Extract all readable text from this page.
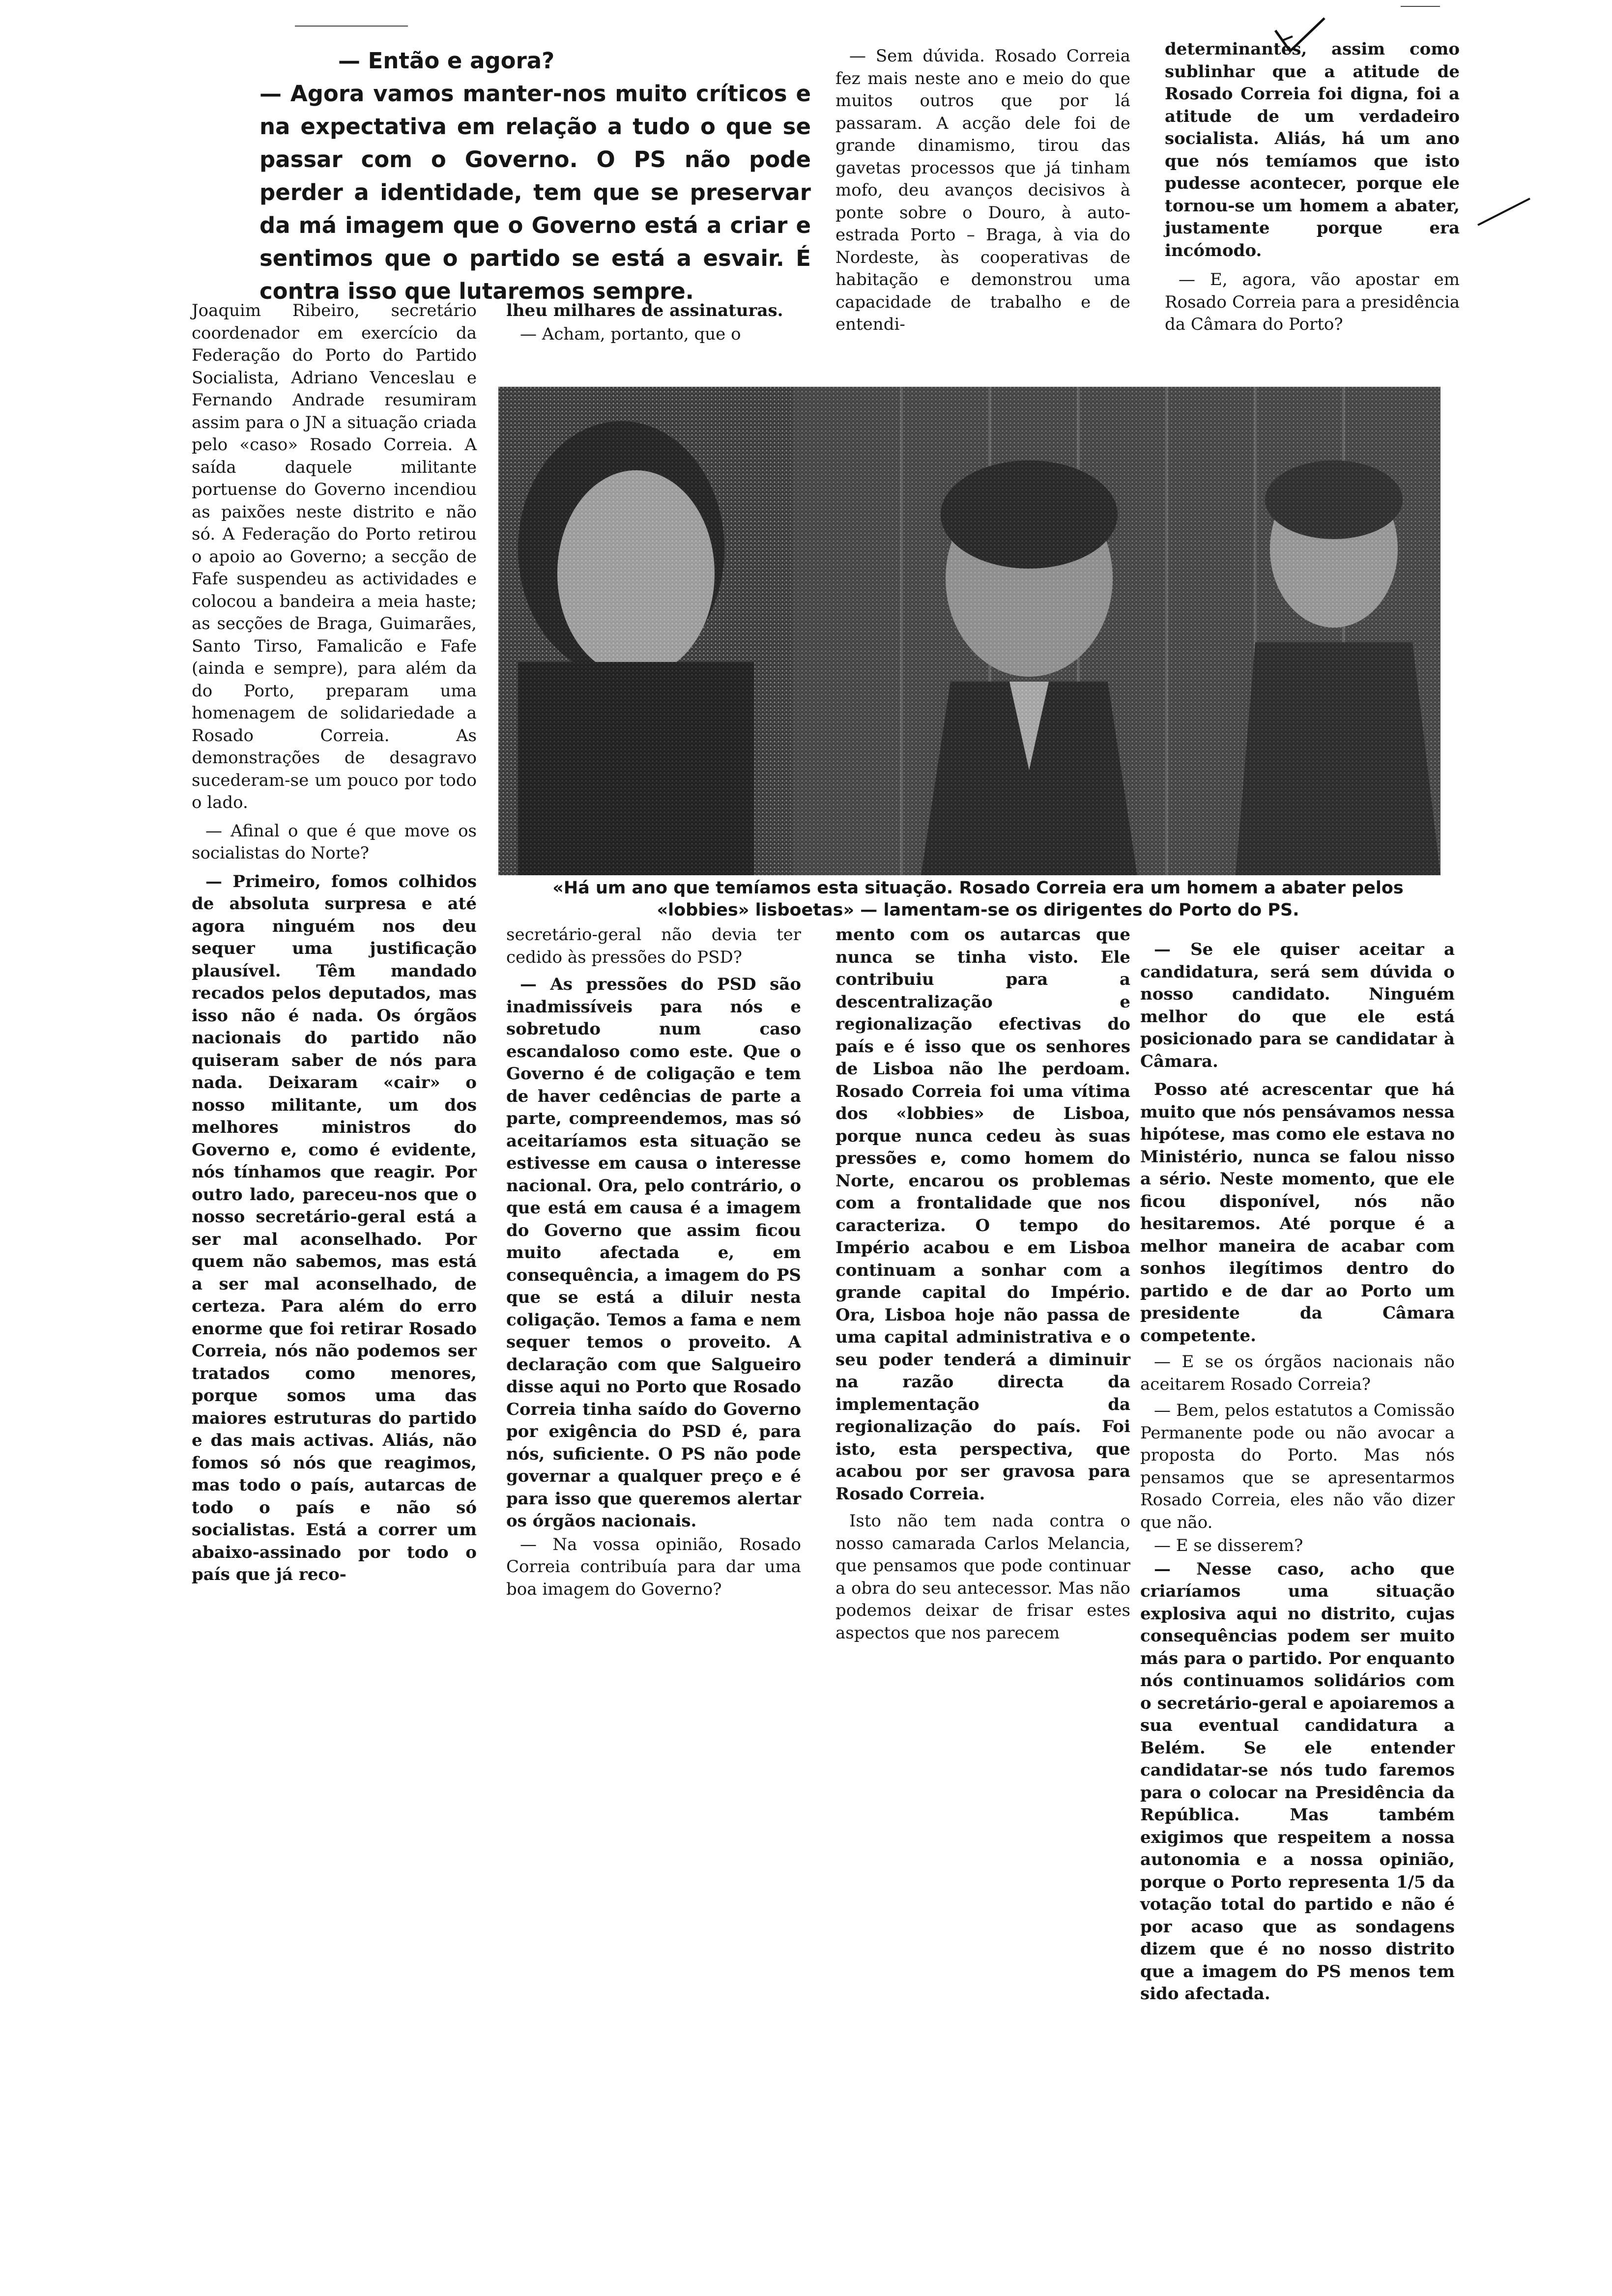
— Então e agora?

— Agora vamos manter-nos muito críticos e na expectativa em relação a tudo o que se passar com o Governo. O PS não pode perder a identidade, tem que se preservar da má imagem que o Governo está a criar e sentimos que o partido se está a esvair. É contra isso que lutaremos sempre.

Joaquim Ribeiro, secretário coordenador em exercício da Federação do Porto do Partido Socialista, Adriano Venceslau e Fernando Andrade resumiram assim para o JN a situação criada pelo «caso» Rosado Correia. A saída daquele militante portuense do Governo incendiou as paixões neste distrito e não só. A Federação do Porto retirou o apoio ao Governo; a secção de Fafe suspendeu as actividades e colocou a bandeira a meia haste; as secções de Braga, Guimarães, Santo Tirso, Famalicão e Fafe (ainda e sempre), para além da do Porto, preparam uma homenagem de solidariedade a Rosado Correia. As demonstrações de desagravo sucederam-se um pouco por todo o lado.

— Afinal o que é que move os socialistas do Norte?

— Primeiro, fomos colhidos de absoluta surpresa e até agora ninguém nos deu sequer uma justificação plausível. Têm mandado recados pelos deputados, mas isso não é nada. Os órgãos nacionais do partido não quiseram saber de nós para nada. Deixaram «cair» o nosso militante, um dos melhores ministros do Governo e, como é evidente, nós tínhamos que reagir. Por outro lado, pareceu-nos que o nosso secretário-geral está a ser mal aconselhado. Por quem não sabemos, mas está a ser mal aconselhado, de certeza. Para além do erro enorme que foi retirar Rosado Correia, nós não podemos ser tratados como menores, porque somos uma das maiores estruturas do partido e das mais activas. Aliás, não fomos só nós que reagimos, mas todo o país, autarcas de todo o país e não só socialistas. Está a correr um abaixo-assinado por todo o país que já reco-

lheu milhares de assinaturas.

— Acham, portanto, que o

— Sem dúvida. Rosado Correia fez mais neste ano e meio do que muitos outros que por lá passaram. A acção dele foi de grande dinamismo, tirou das gavetas processos que já tinham mofo, deu avanços decisivos à ponte sobre o Douro, à auto-estrada Porto – Braga, à via do Nordeste, às cooperativas de habitação e demonstrou uma capacidade de trabalho e de entendi-

determinantes, assim como sublinhar que a atitude de Rosado Correia foi digna, foi a atitude de um verdadeiro socialista. Aliás, há um ano que nós temíamos que isto pudesse acontecer, porque ele tornou-se um homem a abater, justamente porque era incómodo.

— E, agora, vão apostar em Rosado Correia para a presidência da Câmara do Porto?

«Há um ano que temíamos esta situação. Rosado Correia era um homem a abater pelos «lobbies» lisboetas» — lamentam-se os dirigentes do Porto do PS.

secretário-geral não devia ter cedido às pressões do PSD?

— As pressões do PSD são inadmissíveis para nós e sobretudo num caso escandaloso como este. Que o Governo é de coligação e tem de haver cedências de parte a parte, compreendemos, mas só aceitaríamos esta situação se estivesse em causa o interesse nacional. Ora, pelo contrário, o que está em causa é a imagem do Governo que assim ficou muito afectada e, em consequência, a imagem do PS que se está a diluir nesta coligação. Temos a fama e nem sequer temos o proveito. A declaração com que Salgueiro disse aqui no Porto que Rosado Correia tinha saído do Governo por exigência do PSD é, para nós, suficiente. O PS não pode governar a qualquer preço e é para isso que queremos alertar os órgãos nacionais.

— Na vossa opinião, Rosado Correia contribuía para dar uma boa imagem do Governo?

mento com os autarcas que nunca se tinha visto. Ele contribuiu para a descentralização e regionalização efectivas do país e é isso que os senhores de Lisboa não lhe perdoam. Rosado Correia foi uma vítima dos «lobbies» de Lisboa, porque nunca cedeu às suas pressões e, como homem do Norte, encarou os problemas com a frontalidade que nos caracteriza. O tempo do Império acabou e em Lisboa continuam a sonhar com a grande capital do Império. Ora, Lisboa hoje não passa de uma capital administrativa e o seu poder tenderá a diminuir na razão directa da implementação da regionalização do país. Foi isto, esta perspectiva, que acabou por ser gravosa para Rosado Correia.

Isto não tem nada contra o nosso camarada Carlos Melancia, que pensamos que pode continuar a obra do seu antecessor. Mas não podemos deixar de frisar estes aspectos que nos parecem

— Se ele quiser aceitar a candidatura, será sem dúvida o nosso candidato. Ninguém melhor do que ele está posicionado para se candidatar à Câmara.

Posso até acrescentar que há muito que nós pensávamos nessa hipótese, mas como ele estava no Ministério, nunca se falou nisso a sério. Neste momento, que ele ficou disponível, nós não hesitaremos. Até porque é a melhor maneira de acabar com sonhos ilegítimos dentro do partido e de dar ao Porto um presidente da Câmara competente.

— E se os órgãos nacionais não aceitarem Rosado Correia?

— Bem, pelos estatutos a Comissão Permanente pode ou não avocar a proposta do Porto. Mas nós pensamos que se apresentarmos Rosado Correia, eles não vão dizer que não.

— E se disserem?

— Nesse caso, acho que criaríamos uma situação explosiva aqui no distrito, cujas consequências podem ser muito más para o partido. Por enquanto nós continuamos solidários com o secretário-geral e apoiaremos a sua eventual candidatura a Belém. Se ele entender candidatar-se nós tudo faremos para o colocar na Presidência da República. Mas também exigimos que respeitem a nossa autonomia e a nossa opinião, porque o Porto representa 1/5 da votação total do partido e não é por acaso que as sondagens dizem que é no nosso distrito que a imagem do PS menos tem sido afectada.
